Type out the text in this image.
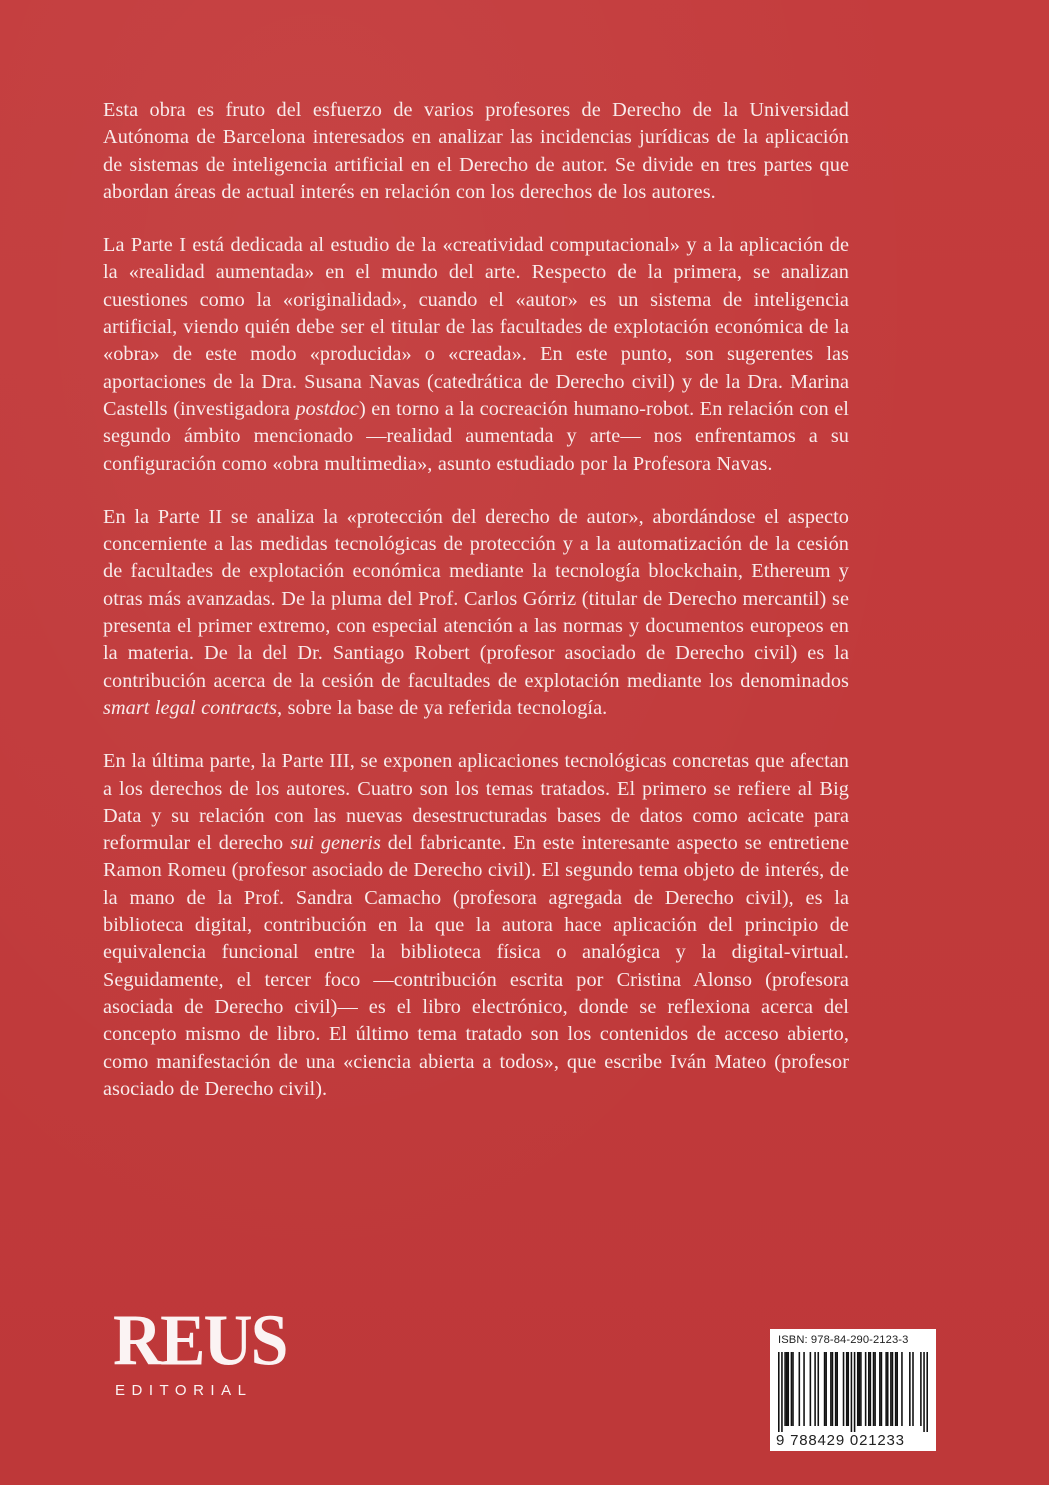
Esta obra es fruto del esfuerzo de varios profesores de Derecho de la Universidad Autónoma de Barcelona interesados en analizar las incidencias jurídicas de la aplicación de sistemas de inteligencia artificial en el Derecho de autor. Se divide en tres partes que abordan áreas de actual interés en relación con los derechos de los autores.

La Parte I está dedicada al estudio de la «creatividad computacional» y a la aplicación de la «realidad aumentada» en el mundo del arte. Respecto de la primera, se analizan cuestiones como la «originalidad», cuando el «autor» es un sistema de inteligencia artificial, viendo quién debe ser el titular de las facultades de explotación económica de la «obra» de este modo «producida» o «creada». En este punto, son sugerentes las aportaciones de la Dra. Susana Navas (catedrática de Derecho civil) y de la Dra. Marina Castells (investigadora postdoc) en torno a la cocreación humano-robot. En relación con el segundo ámbito mencionado —realidad aumentada y arte— nos enfrentamos a su configuración como «obra multimedia», asunto estudiado por la Profesora Navas.

En la Parte II se analiza la «protección del derecho de autor», abordándose el aspecto concerniente a las medidas tecnológicas de protección y a la automatización de la cesión de facultades de explotación económica mediante la tecnología blockchain, Ethereum y otras más avanzadas. De la pluma del Prof. Carlos Górriz (titular de Derecho mercantil) se presenta el primer extremo, con especial atención a las normas y documentos europeos en la materia. De la del Dr. Santiago Robert (profesor asociado de Derecho civil) es la contribución acerca de la cesión de facultades de explotación mediante los denominados smart legal contracts, sobre la base de ya referida tecnología.

En la última parte, la Parte III, se exponen aplicaciones tecnológicas concretas que afectan a los derechos de los autores. Cuatro son los temas tratados. El primero se refiere al Big Data y su relación con las nuevas desestructuradas bases de datos como acicate para reformular el derecho sui generis del fabricante. En este interesante aspecto se entretiene Ramon Romeu (profesor asociado de Derecho civil). El segundo tema objeto de interés, de la mano de la Prof. Sandra Camacho (profesora agregada de Derecho civil), es la biblioteca digital, contribución en la que la autora hace aplicación del principio de equivalencia funcional entre la biblioteca física o analógica y la digital-virtual. Seguidamente, el tercer foco —contribución escrita por Cristina Alonso (profesora asociada de Derecho civil)— es el libro electrónico, donde se reflexiona acerca del concepto mismo de libro. El último tema tratado son los contenidos de acceso abierto, como manifestación de una «ciencia abierta a todos», que escribe Iván Mateo (profesor asociado de Derecho civil).

REUS
EDITORIAL
ISBN: 978-84-290-2123-3
9 788429 021233
